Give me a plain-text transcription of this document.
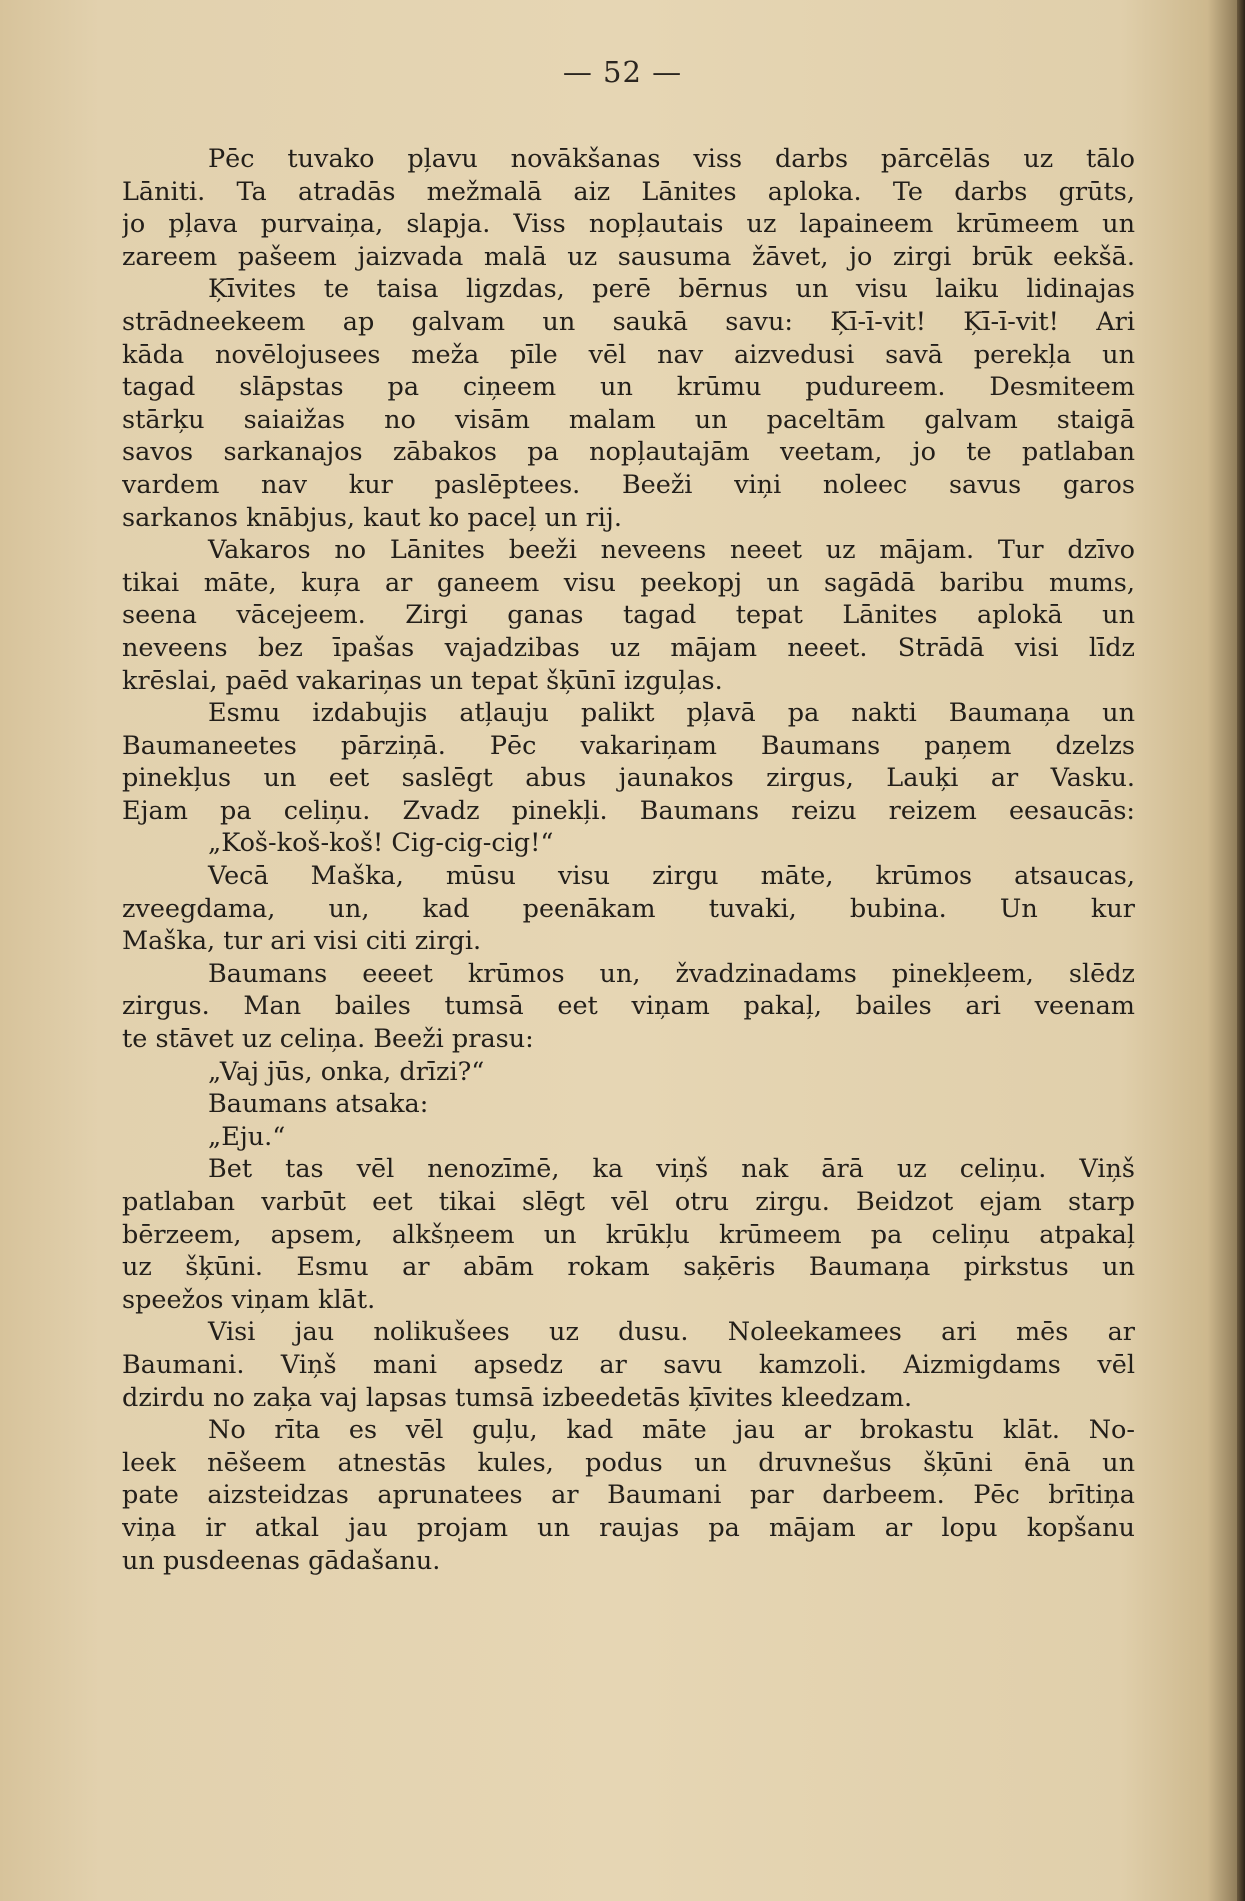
— 52 —
Pēc tuvako pļavu novākšanas viss darbs pārcēlās uz tālo
Lāniti. Ta atradās mežmalā aiz Lānites aploka. Te darbs grūts,
jo pļava purvaiņa, slapja. Viss nopļautais uz lapaineem krūmeem un
zareem pašeem jaizvada malā uz sausuma žāvet, jo zirgi brūk eekšā.
Ķīvites te taisa ligzdas, perē bērnus un visu laiku lidinajas
strādneekeem ap galvam un saukā savu: Ķī-ī-vit! Ķī-ī-vit! Ari
kāda novēlojusees meža pīle vēl nav aizvedusi savā perekļa un
tagad slāpstas pa ciņeem un krūmu pudureem. Desmiteem
stārķu saiaižas no visām malam un paceltām galvam staigā
savos sarkanajos zābakos pa nopļautajām veetam, jo te patlaban
vardem nav kur paslēptees. Beeži viņi noleec savus garos
sarkanos knābjus, kaut ko paceļ un rij.
Vakaros no Lānites beeži neveens neeet uz mājam. Tur dzīvo
tikai māte, kuŗa ar ganeem visu peekopj un sagādā baribu mums,
seena vācejeem. Zirgi ganas tagad tepat Lānites aplokā un
neveens bez īpašas vajadzibas uz mājam neeet. Strādā visi līdz
krēslai, paēd vakariņas un tepat šķūnī izguļas.
Esmu izdabujis atļauju palikt pļavā pa nakti Baumaņa un
Baumaneetes pārziņā. Pēc vakariņam Baumans paņem dzelzs
pinekļus un eet saslēgt abus jaunakos zirgus, Lauķi ar Vasku.
Ejam pa celiņu. Zvadz pinekļi. Baumans reizu reizem eesaucās:
„Koš-koš-koš! Cig-cig-cig!“
Vecā Maška, mūsu visu zirgu māte, krūmos atsaucas,
zveegdama, un, kad peenākam tuvaki, bubina. Un kur
Maška, tur ari visi citi zirgi.
Baumans eeeet krūmos un, žvadzinadams pinekļeem, slēdz
zirgus. Man bailes tumsā eet viņam pakaļ, bailes ari veenam
te stāvet uz celiņa. Beeži prasu:
„Vaj jūs, onka, drīzi?“
Baumans atsaka:
„Eju.“
Bet tas vēl nenozīmē, ka viņš nak ārā uz celiņu. Viņš
patlaban varbūt eet tikai slēgt vēl otru zirgu. Beidzot ejam starp
bērzeem, apsem, alkšņeem un krūkļu krūmeem pa celiņu atpakaļ
uz šķūni. Esmu ar abām rokam saķēris Baumaņa pirkstus un
speežos viņam klāt.
Visi jau nolikušees uz dusu. Noleekamees ari mēs ar
Baumani. Viņš mani apsedz ar savu kamzoli. Aizmigdams vēl
dzirdu no zaķa vaj lapsas tumsā izbeedetās ķīvites kleedzam.
No rīta es vēl guļu, kad māte jau ar brokastu klāt. No-
leek nēšeem atnestās kules, podus un druvnešus šķūni ēnā un
pate aizsteidzas aprunatees ar Baumani par darbeem. Pēc brītiņa
viņa ir atkal jau projam un raujas pa mājam ar lopu kopšanu
un pusdeenas gādašanu.
